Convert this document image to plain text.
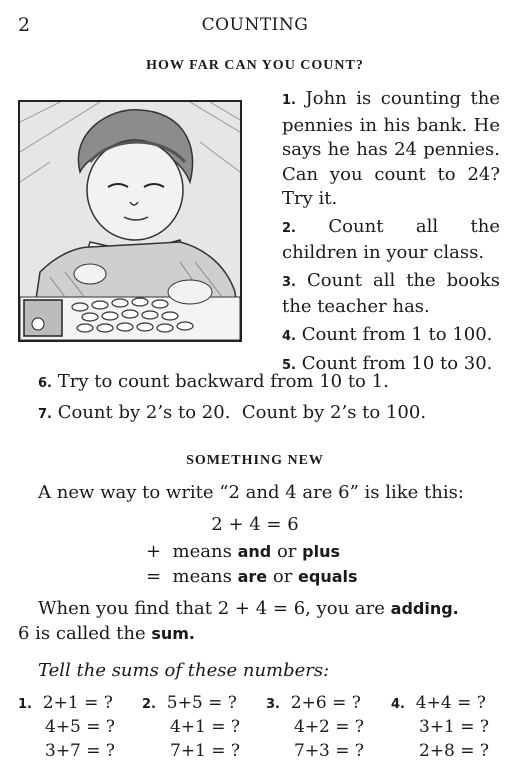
2	COUNTING
HOW FAR CAN YOU COUNT?

1. John is counting the pennies in his bank. He says he has 24 pennies. Can you count to 24? Try it.

2. Count all the children in your class.

3. Count all the books the teacher has.

4. Count from 1 to 100.

5. Count from 10 to 30.

6. Try to count backward from 10 to 1.
7. Count by 2’s to 20.  Count by 2’s to 100.
SOMETHING NEW
A new way to write “2 and 4 are 6” is like this:
2 + 4 = 6
+ means and or plus
= means are or equals
When you find that 2 + 4 = 6, you are adding.
6 is called the sum.
Tell the sums of these numbers:
1. 2+1 = ?
4+5 = ?
3+7 = ?
2. 5+5 = ?
4+1 = ?
7+1 = ?
3. 2+6 = ?
4+2 = ?
7+3 = ?
4. 4+4 = ?
3+1 = ?
2+8 = ?
